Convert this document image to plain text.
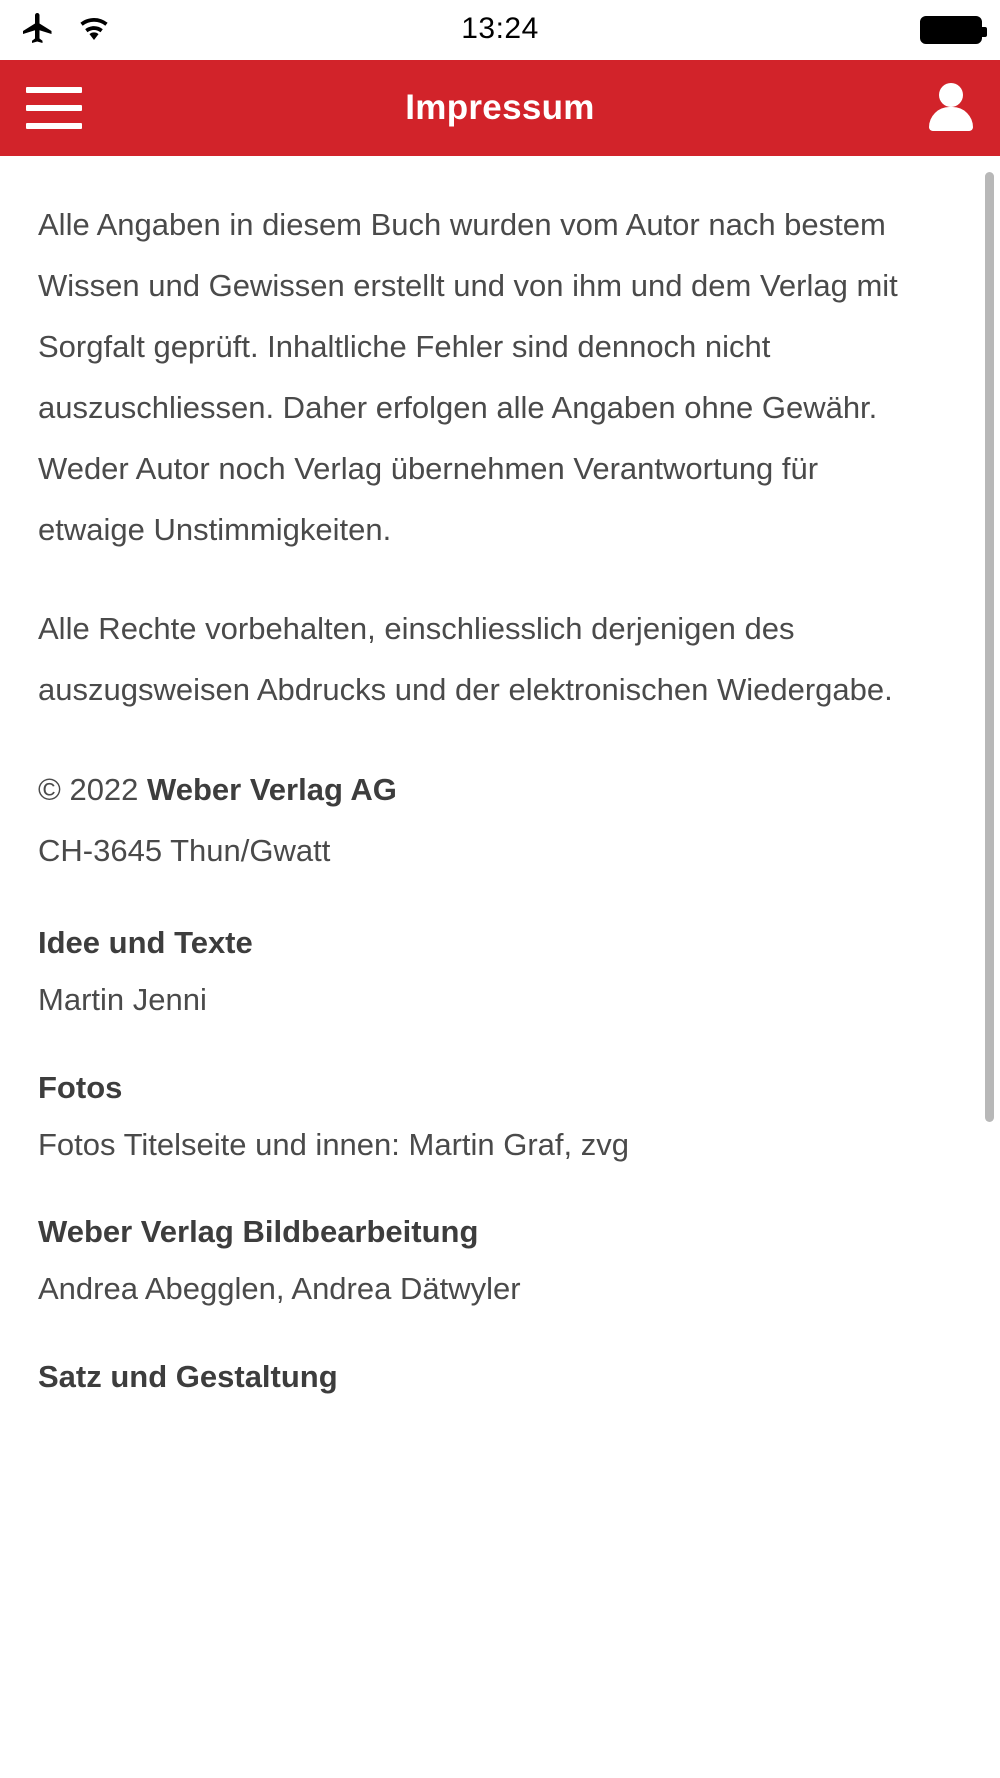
13:24
Impressum

Alle Angaben in diesem Buch wurden vom Autor nach bestem Wissen und Gewissen erstellt und von ihm und dem Verlag mit Sorgfalt geprüft. Inhaltliche Fehler sind dennoch nicht auszuschliessen. Daher erfolgen alle Angaben ohne Gewähr. Weder Autor noch Verlag übernehmen Verantwortung für etwaige Unstimmigkeiten.

Alle Rechte vorbehalten, einschliesslich derjenigen des auszugsweisen Abdrucks und der elektronischen Wiedergabe.

© 2022 Weber Verlag AG

CH-3645 Thun/Gwatt

Idee und Texte

Martin Jenni

Fotos

Fotos Titelseite und innen: Martin Graf, zvg

Weber Verlag Bildbearbeitung

Andrea Abegglen, Andrea Dätwyler

Satz und Gestaltung
